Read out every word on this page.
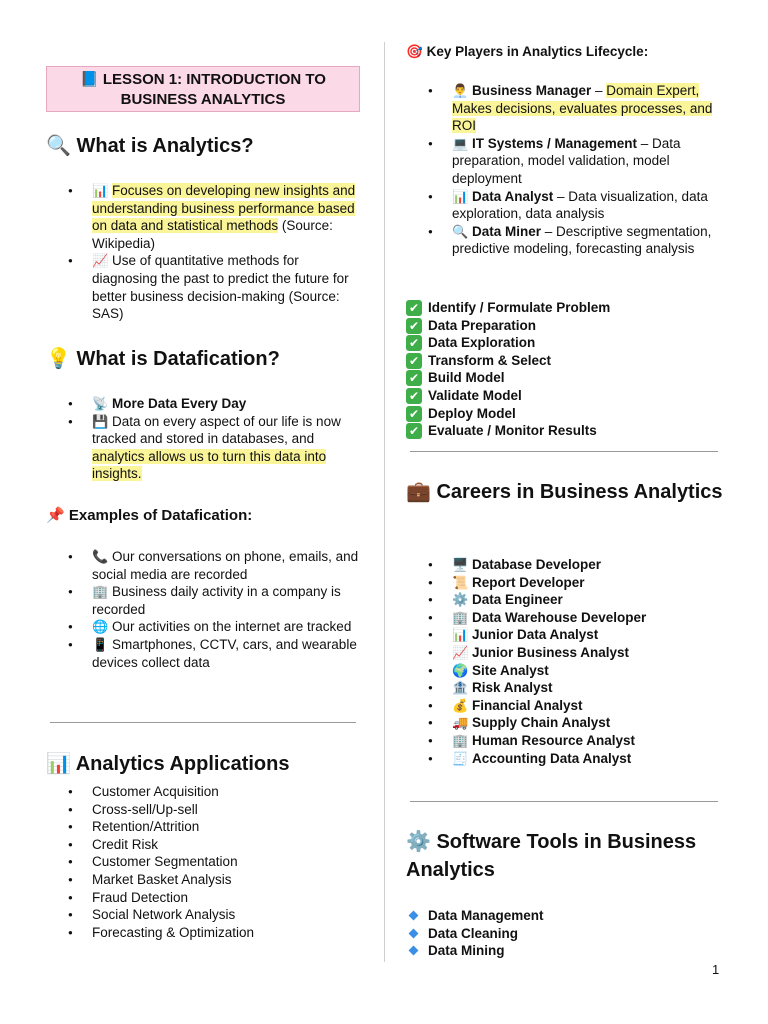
📘 LESSON 1: INTRODUCTION TO
BUSINESS ANALYTICS
🔍 What is Analytics?
● 📊 Focuses on developing new insights and understanding business performance based on data and statistical methods (Source: Wikipedia)
● 📈 Use of quantitative methods for diagnosing the past to predict the future for better business decision-making (Source: SAS)
💡 What is Datafication?
● 📡 More Data Every Day
● 💾 Data on every aspect of our life is now tracked and stored in databases, and analytics allows us to turn this data into insights.
📌 Examples of Datafication:
● 📞 Our conversations on phone, emails, and social media are recorded
● 🏢 Business daily activity in a company is recorded
● 🌐 Our activities on the internet are tracked
● 📱 Smartphones, CCTV, cars, and wearable devices collect data
📊 Analytics Applications
● Customer Acquisition
● Cross-sell/Up-sell
● Retention/Attrition
● Credit Risk
● Customer Segmentation
● Market Basket Analysis
● Fraud Detection
● Social Network Analysis
● Forecasting & Optimization
🎯 Key Players in Analytics Lifecycle:
● 👨‍💼 Business Manager – Domain Expert, Makes decisions, evaluates processes, and ROI
● 💻 IT Systems / Management – Data preparation, model validation, model deployment
● 📊 Data Analyst – Data visualization, data exploration, data analysis
● 🔍 Data Miner – Descriptive segmentation, predictive modeling, forecasting analysis
✔ Identify / Formulate Problem
✔ Data Preparation
✔ Data Exploration
✔ Transform & Select
✔ Build Model
✔ Validate Model
✔ Deploy Model
✔ Evaluate / Monitor Results
💼 Careers in Business Analytics
● 🖥️ Database Developer
● 📜 Report Developer
● ⚙️ Data Engineer
● 🏢 Data Warehouse Developer
● 📊 Junior Data Analyst
● 📈 Junior Business Analyst
● 🌍 Site Analyst
● 🏦 Risk Analyst
● 💰 Financial Analyst
● 🚚 Supply Chain Analyst
● 🏢 Human Resource Analyst
● 🧾 Accounting Data Analyst
⚙️ Software Tools in Business Analytics
Data Management
Data Cleaning
Data Mining
1
